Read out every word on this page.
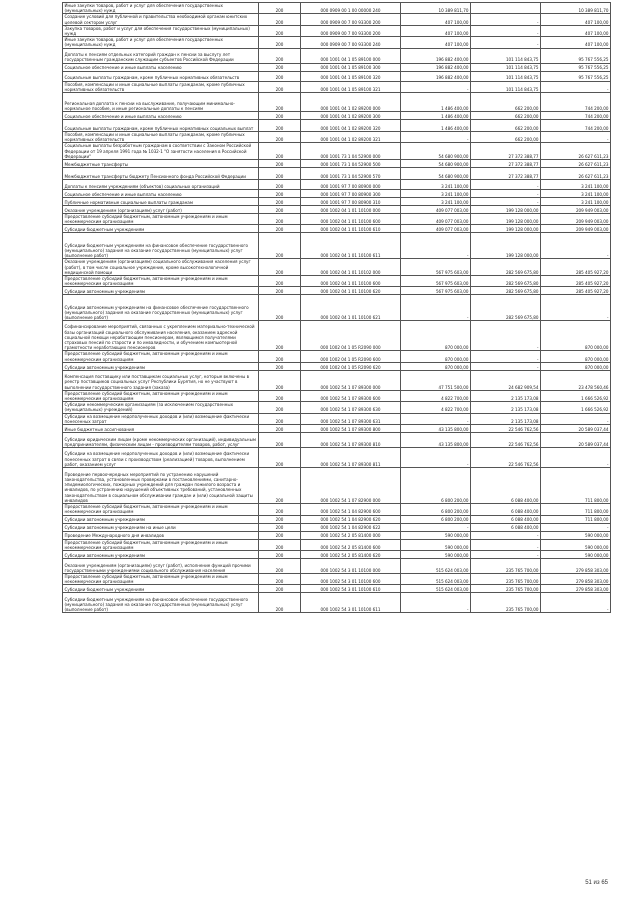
Иные закупки товаров, работ и услуг для обеспечения государственных (муниципальных) нужд	200	000 0909 00 1 00 00000 240	10 389 811,70		10 389 811,70
Создание условий для публичной и правительства необходимой органам юнитских целевой сектором услуг	200	000 0909 00 7 00 93300 200	407 100,00	-	407 100,00
Закупка товаров, работ и услуг для обеспечения государственных (муниципальных) нужд	200	000 0909 00 7 00 93300 200	407 100,00	-	407 100,00
Иные закупки товаров, работ и услуг для обеспечения государственных (муниципальных) нужд	200	000 0909 00 7 00 93300 240	407 100,00	-	407 100,00
Доплаты к пенсиям отдельных категорий граждан к пенсии за выслугу лет государственным гражданским служащим субъектов Российской Федерации	200	000 1001 04 1 05 89100 000	196 882 400,00	101 114 843,75	95 767 556,25
Социальное обеспечение и иные выплаты населению	200	000 1001 04 1 05 89100 300	196 882 400,00	101 114 843,75	95 767 556,25
Социальные выплаты гражданам, кроме публичных нормативных обязательств	200	000 1001 04 1 05 89100 320	196 882 400,00	101 114 843,75	95 767 556,25
Пособия, компенсации и иные социальные выплаты гражданам, кроме публичных нормативных обязательств	200	000 1001 04 1 05 89100 321	-	101 114 843,75	-
Региональная доплата к пенсии на выслуживание, получающим минимально-нормальное пособие, и иные региональные доплаты к пенсиям	200	000 1001 04 1 02 89200 000	1 486 400,00	662 200,00	744 200,00
Социальное обеспечение и иные выплаты населению	200	000 1001 04 1 02 89200 300	1 486 400,00	662 200,00	744 200,00
Социальные выплаты гражданам, кроме публичных нормативных социальных выплат	200	000 1001 04 1 02 89200 320	1 486 400,00	662 200,00	744 200,00
Пособия, компенсации и иные социальные выплаты гражданам, кроме публичных нормативных обязательств	200	000 1001 04 1 02 89200 321	-	662 200,00	-
Социальные выплаты безработным гражданам в соответствии с Законом Российской Федерации от 19 апреля 1991 года № 1032-1 "О занятости населения в Российской Федерации"	200	000 1001 73 1 04 52900 000	54 680 900,00	27 372 388,77	26 627 611,23
Межбюджетные трансферты	200	000 1001 73 1 04 52900 500	54 680 900,00	27 372 388,77	26 627 611,23
Межбюджетные трансферты бюджету Пенсионного фонда Российской Федерации	200	000 1001 73 1 04 52900 570	54 680 900,00	27 372 388,77	26 627 611,23
Доплаты к пенсиям учреждениям (объектов) социальных организаций	200	000 1001 97 7 00 80900 000	3 241 100,00	-	3 241 100,00
Социальное обеспечение и иные выплаты населению	200	000 1001 97 7 00 80900 300	3 241 100,00	-	3 241 100,00
Публичные нормативные социальные выплаты гражданам	200	000 1001 97 7 00 80900 310	3 241 100,00	-	3 241 100,00
Оказание учреждениям (организациям) услуг (работ)	200	000 1002 04 1 01 10100 000	409 077 003,00	199 128 000,00	209 949 003,00
Предоставление субсидий бюджетным, автономным учреждениям и иным некоммерческим организациям	200	000 1002 04 1 01 10100 600	409 077 003,00	199 128 000,00	209 949 003,00
Субсидии бюджетным учреждениям	200	000 1002 04 1 01 10100 610	409 077 003,00	199 128 000,00	209 949 003,00
Субсидии бюджетным учреждениям на финансовое обеспечение государственного (муниципального) задания на оказание государственных (муниципальных) услуг (выполнение работ)	200	000 1002 04 1 01 10100 611	-	199 128 000,00	-
Оказание учреждениям (организациям) социального обслуживания населения услуг (работ), в том числе социальное учреждение, кроме высокотехнологичной медицинской помощи	200	000 1002 04 1 01 10102 000	567 975 603,00	282 569 675,80	285 405 927,20
Предоставление субсидий бюджетным, автономным учреждениям и иным некоммерческим организациям	200	000 1002 04 1 01 10100 600	567 975 603,00	282 569 675,80	285 405 927,20
Субсидии автономным учреждениям	200	000 1002 04 1 01 10100 620	567 975 603,00	282 569 675,80	285 405 927,20
Субсидии автономным учреждениям на финансовое обеспечение государственного (муниципального) задания на оказание государственных (муниципальных) услуг (выполнение работ)	200	000 1002 04 1 01 10100 621	-	282 569 675,80	-
Софинансирование мероприятий, связанных с укреплением материально-технической базы организаций социального обслуживания населения, оказанием адресной социальной помощи неработающим пенсионерам, являющимся получателями страховых пенсий по старости и по инвалидности, и обучением компьютерной грамотности неработающих пенсионеров	200	000 1002 04 1 05 R2090 000	870 000,00	-	870 000,00
Предоставление субсидий бюджетным, автономным учреждениям и иным некоммерческим организациям	200	000 1002 04 1 05 R2090 600	870 000,00	-	870 000,00
Субсидии автономным учреждениям	200	000 1002 04 1 05 R2090 620	870 000,00	-	870 000,00
Компенсация поставщику или поставщикам социальных услуг, которые включены в реестр поставщиков социальных услуг Республики Бурятия, но не участвуют в выполнении государственного задания (заказа)	200	000 1002 54 1 07 89300 000	47 751 500,00	24 682 909,54	23 478 560,46
Предоставление субсидий бюджетным, автономным учреждениям и иным некоммерческим организациям	200	000 1002 54 1 07 89300 600	4 822 700,00	2 135 173,08	1 666 526,92
Субсидии некоммерческим организациям (за исключением государственных (муниципальных) учреждений)	200	000 1002 54 1 07 89300 630	4 822 700,00	2 135 173,08	1 666 526,92
Субсидии на возмещение недополученных доходов и (или) возмещение фактически понесенных затрат	200	000 1002 54 1 07 89300 631	-	2 135 173,08	-
Иные бюджетные ассигнования	200	000 1002 54 1 07 89300 800	43 135 800,00	22 546 762,56	20 589 037,44
Субсидии юридическим лицам (кроме некоммерческих организаций), индивидуальным предпринимателям, физическим лицам - производителям товаров, работ, услуг	200	000 1002 54 1 07 89300 810	43 135 800,00	22 546 762,56	20 589 037,44
Субсидии на возмещение недополученных доходов и (или) возмещение фактически понесенных затрат в связи с производством (реализацией) товаров, выполнением работ, оказанием услуг	200	000 1002 54 1 07 89300 811	-	22 546 762,56	-
Проведение первоочередных мероприятий по устранению нарушений законодательства, установленных проверками в постановлениями, санитарно-эпидемиологических, пожарных учреждений для граждан пожилого возраста и инвалидов, по устранению нарушений объективных требований, установленных законодательством в социальном обслуживании граждан и (или) социальной защиты инвалидов	200	000 1002 54 1 07 82900 000	6 800 200,00	6 088 400,00	711 800,00
Предоставление субсидий бюджетным, автономным учреждениям и иным некоммерческим организациям	200	000 1002 54 1 04 82900 600	6 800 200,00	6 088 400,00	711 800,00
Субсидии автономным учреждениям	200	000 1002 54 1 04 82900 620	6 800 200,00	6 088 400,00	711 800,00
Субсидии автономным учреждениям на иные цели	200	000 1002 54 1 04 82900 622	-	6 088 400,00	-
Проведение Международного дня инвалидов	200	000 1002 54 2 05 81400 000	590 000,00	-	590 000,00
Предоставление субсидий бюджетным, автономным учреждениям и иным некоммерческим организациям	200	000 1002 54 2 05 81400 600	590 000,00	-	590 000,00
Субсидии автономным учреждениям	200	000 1002 54 2 05 81400 620	590 000,00	-	590 000,00
Оказание учреждениям (организациям) услуг (работ), исполнение функций прочими государственными учреждениями социального обслуживания населения	200	000 1002 54 3 01 10100 000	515 624 003,00	235 765 700,00	279 858 303,00
Предоставление субсидий бюджетным, автономным учреждениям и иным некоммерческим организациям	200	000 1002 54 3 01 10100 600	515 624 003,00	235 765 700,00	279 858 303,00
Субсидии бюджетным учреждениям	200	000 1002 54 3 01 10100 610	515 624 003,00	235 765 700,00	279 858 303,00
Субсидии бюджетным учреждениям на финансовое обеспечение государственного (муниципального) задания на оказание государственных (муниципальных) услуг (выполнение работ)	200	000 1002 54 3 01 10100 611	-	235 765 700,00	-
51 из 65
